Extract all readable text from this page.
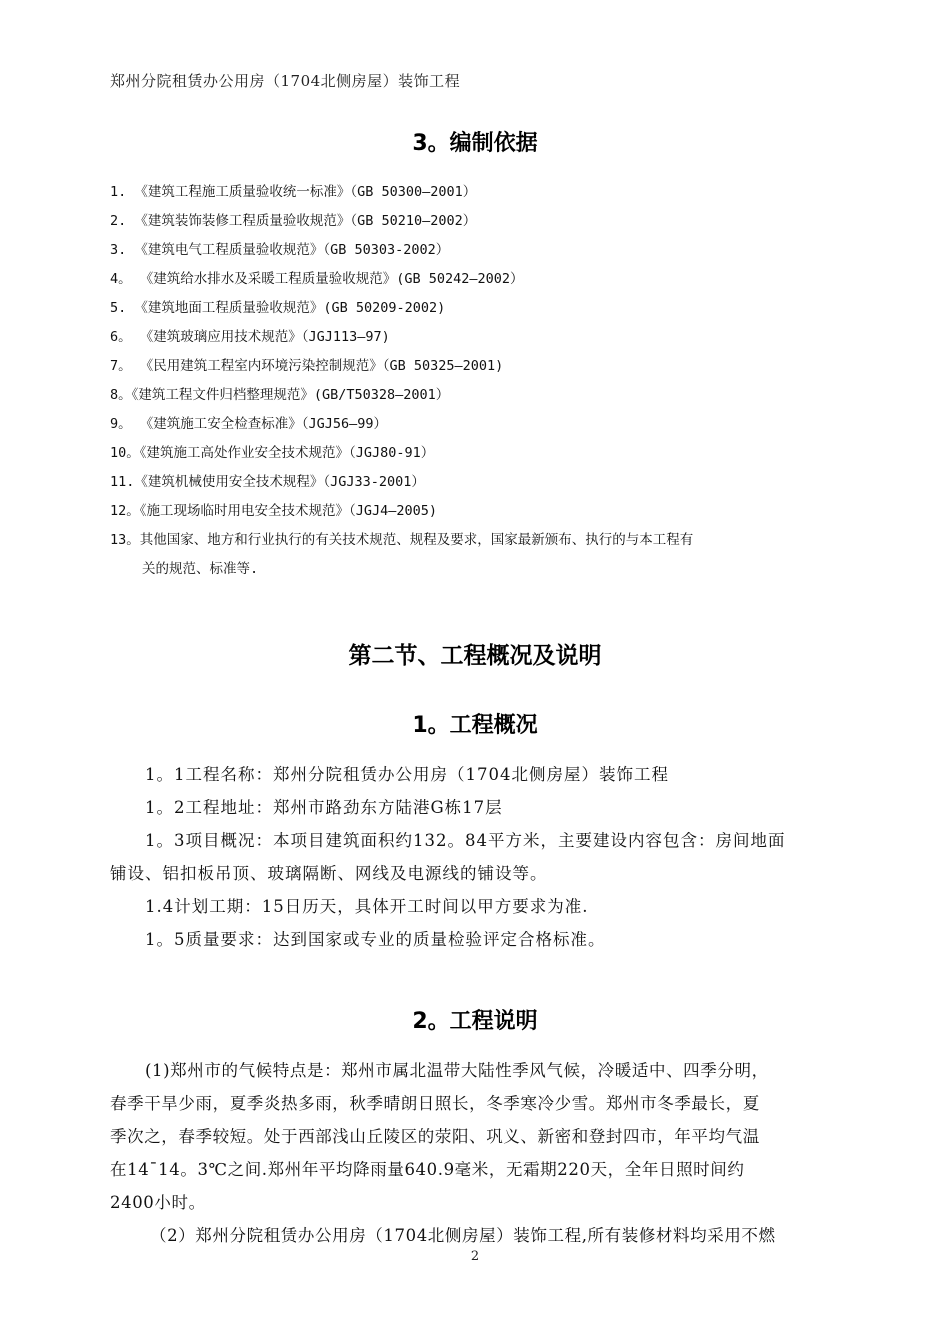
郑州分院租赁办公用房（1704北侧房屋）装饰工程
3。编制依据
1. 《建筑工程施工质量验收统一标准》（GB 50300—2001）
2. 《建筑装饰装修工程质量验收规范》（GB 50210—2002）
3. 《建筑电气工程质量验收规范》（GB 50303-2002）
4。 《建筑给水排水及采暖工程质量验收规范》(GB 50242—2002）
5. 《建筑地面工程质量验收规范》(GB 50209-2002)
6。 《建筑玻璃应用技术规范》（JGJ113—97)
7。 《民用建筑工程室内环境污染控制规范》（GB 50325—2001)
8。《建筑工程文件归档整理规范》(GB/T50328—2001）
9。 《建筑施工安全检查标准》（JGJ56—99）
10。《建筑施工高处作业安全技术规范》（JGJ80-91）
11.《建筑机械使用安全技术规程》（JGJ33-2001）
12。《施工现场临时用电安全技术规范》（JGJ4—2005)
13。其他国家、地方和行业执行的有关技术规范、规程及要求，国家最新颁布、执行的与本工程有
关的规范、标准等.
第二节、工程概况及说明
1。工程概况
1。1工程名称：郑州分院租赁办公用房（1704北侧房屋）装饰工程
1。2工程地址：郑州市路劲东方陆港G栋17层
1。3项目概况：本项目建筑面积约132。84平方米，主要建设内容包含：房间地面
铺设、铝扣板吊顶、玻璃隔断、网线及电源线的铺设等。
1.4计划工期：15日历天，具体开工时间以甲方要求为准.
1。5质量要求：达到国家或专业的质量检验评定合格标准。
2。工程说明
(1)郑州市的气候特点是：郑州市属北温带大陆性季风气候，冷暖适中、四季分明，
春季干旱少雨，夏季炎热多雨，秋季晴朗日照长，冬季寒冷少雪。郑州市冬季最长，夏
季次之，春季较短。处于西部浅山丘陵区的荥阳、巩义、新密和登封四市，年平均气温
在14¯14。3℃之间.郑州年平均降雨量640.9毫米，无霜期220天，全年日照时间约
2400小时。
（2）郑州分院租赁办公用房（1704北侧房屋）装饰工程,所有装修材料均采用不燃
2
